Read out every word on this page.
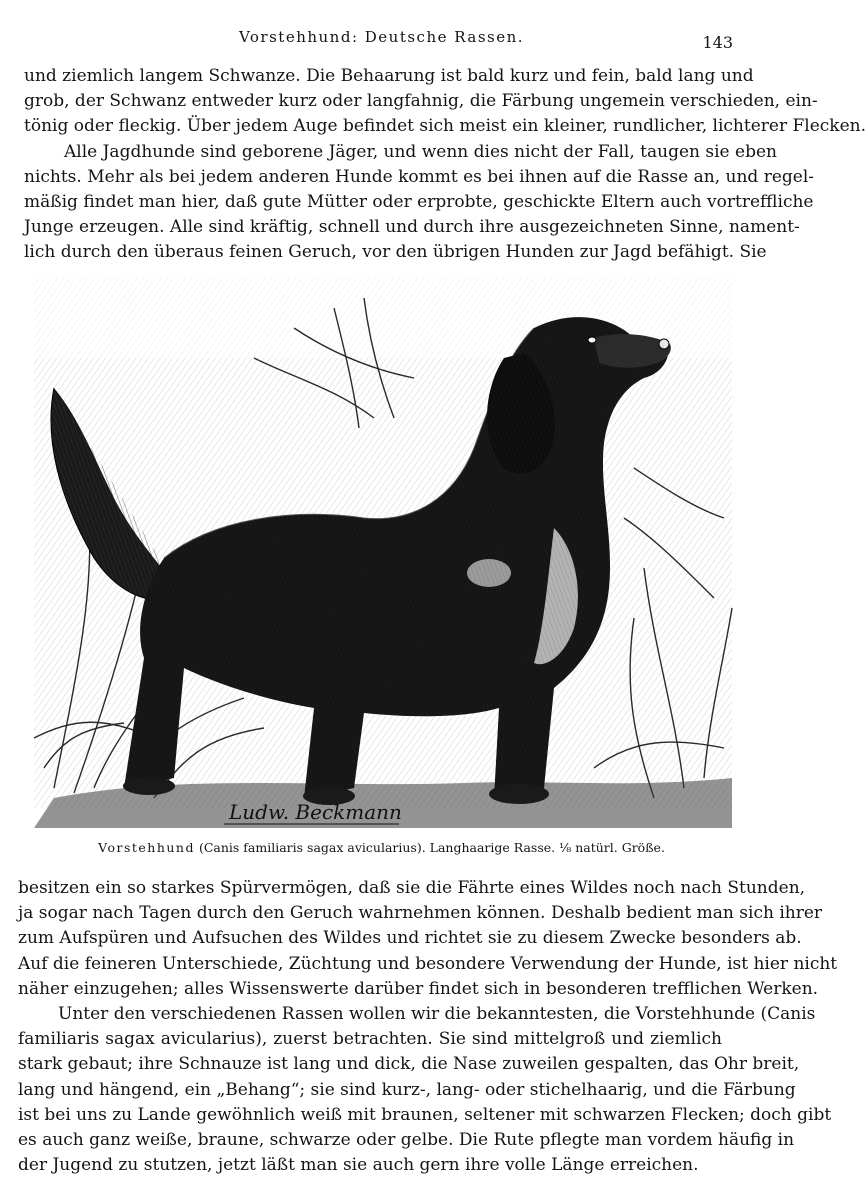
Vorstehhund: Deutsche Rassen.	143

und ziemlich langem Schwanze. Die Behaarung ist bald kurz und fein, bald lang und

grob, der Schwanz entweder kurz oder langfahnig, die Färbung ungemein verschieden, ein-

tönig oder fleckig. Über jedem Auge befindet sich meist ein kleiner, rundlicher, lichterer Flecken.

Alle Jagdhunde sind geborene Jäger, und wenn dies nicht der Fall, taugen sie eben

nichts. Mehr als bei jedem anderen Hunde kommt es bei ihnen auf die Rasse an, und regel-

mäßig findet man hier, daß gute Mütter oder erprobte, geschickte Eltern auch vortreffliche

Junge erzeugen. Alle sind kräftig, schnell und durch ihre ausgezeichneten Sinne, nament-

lich durch den überaus feinen Geruch, vor den übrigen Hunden zur Jagd befähigt. Sie

Ludw. Beckmann
Vorstehhund (Canis familiaris sagax avicularius). Langhaarige Rasse. ⅛ natürl. Größe.

besitzen ein so starkes Spürvermögen, daß sie die Fährte eines Wildes noch nach Stunden,

ja sogar nach Tagen durch den Geruch wahrnehmen können. Deshalb bedient man sich ihrer

zum Aufspüren und Aufsuchen des Wildes und richtet sie zu diesem Zwecke besonders ab.

Auf die feineren Unterschiede, Züchtung und besondere Verwendung der Hunde, ist hier nicht

näher einzugehen; alles Wissenswerte darüber findet sich in besonderen trefflichen Werken.

Unter den verschiedenen Rassen wollen wir die bekanntesten, die Vorstehhunde (Canis

familiaris sagax avicularius), zuerst betrachten. Sie sind mittelgroß und ziemlich

stark gebaut; ihre Schnauze ist lang und dick, die Nase zuweilen gespalten, das Ohr breit,

lang und hängend, ein „Behang“; sie sind kurz-, lang- oder stichelhaarig, und die Färbung

ist bei uns zu Lande gewöhnlich weiß mit braunen, seltener mit schwarzen Flecken; doch gibt

es auch ganz weiße, braune, schwarze oder gelbe. Die Rute pflegte man vordem häufig in

der Jugend zu stutzen, jetzt läßt man sie auch gern ihre volle Länge erreichen.
